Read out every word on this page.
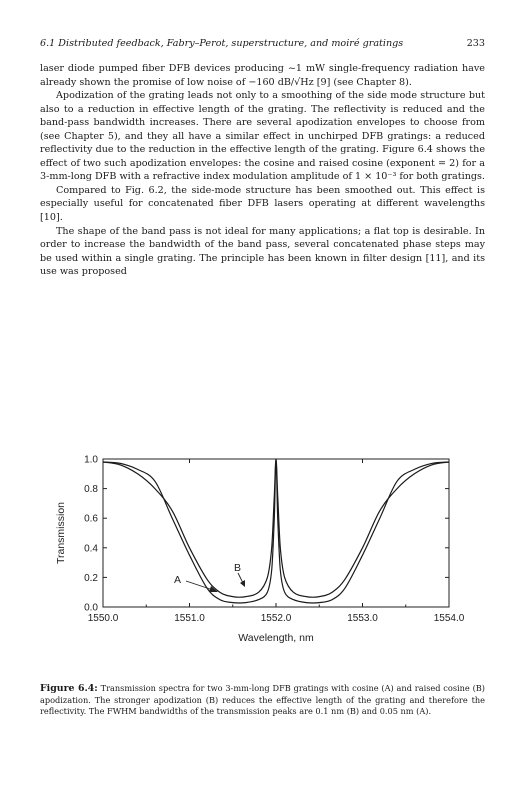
6.1 Distributed feedback, Fabry–Perot, superstructure, and moiré gratings	233

laser diode pumped fiber DFB devices producing ~1 mW single-frequency radiation have already shown the promise of low noise of −160 dB/√Hz [9] (see Chapter 8).

Apodization of the grating leads not only to a smoothing of the side mode structure but also to a reduction in effective length of the grating. The reflectivity is reduced and the band-pass bandwidth increases. There are several apodization envelopes to choose from (see Chapter 5), and they all have a similar effect in unchirped DFB gratings: a reduced reflectivity due to the reduction in the effective length of the grating. Figure 6.4 shows the effect of two such apodization envelopes: the cosine and raised cosine (exponent = 2) for a 3-mm-long DFB with a refractive index modulation amplitude of 1 × 10⁻³ for both gratings.

Compared to Fig. 6.2, the side-mode structure has been smoothed out. This effect is especially useful for concatenated fiber DFB lasers operating at different wavelengths [10].

The shape of the band pass is not ideal for many applications; a flat top is desirable. In order to increase the bandwidth of the band pass, several concatenated phase steps may be used within a single grating. The principle has been known in filter design [11], and its use was proposed

1550.0	1551.0	1552.0	1553.0	1554.0
0.0
0.2
0.4
0.6
0.8
1.0
Wavelength, nm
Transmission
A
B
Figure 6.4: Transmission spectra for two 3-mm-long DFB gratings with cosine (A) and raised cosine (B) apodization. The stronger apodization (B) reduces the effective length of the grating and therefore the reflectivity. The FWHM bandwidths of the transmission peaks are 0.1 nm (B) and 0.05 nm (A).
